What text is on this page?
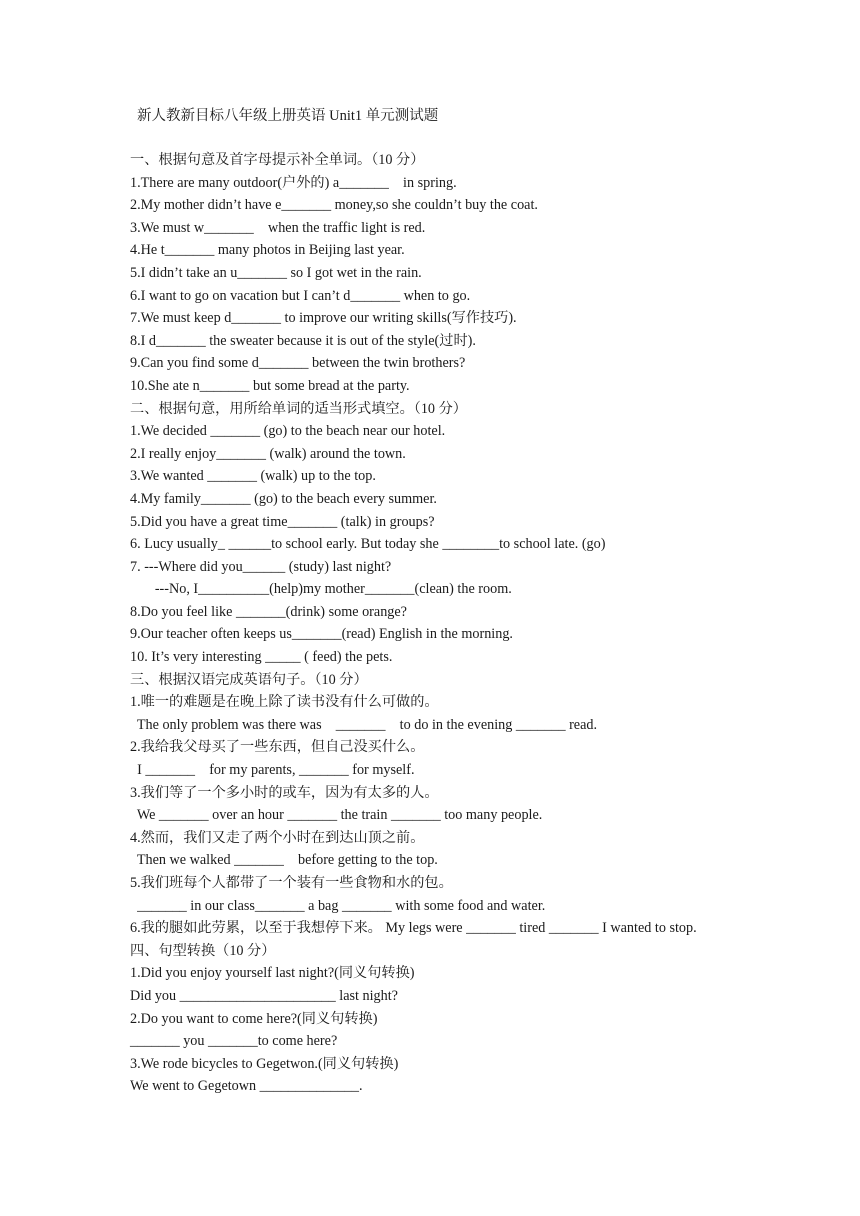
新人教新目标八年级上册英语 Unit1 单元测试题
一、根据句意及首字母提示补全单词。（10 分）
1.There are many outdoor(户外的) a_______    in spring.
2.My mother didn’t have e_______ money,so she couldn’t buy the coat.
3.We must w_______    when the traffic light is red.
4.He t_______ many photos in Beijing last year.
5.I didn’t take an u_______ so I got wet in the rain.
6.I want to go on vacation but I can’t d_______ when to go.
7.We must keep d_______ to improve our writing skills(写作技巧).
8.I d_______ the sweater because it is out of the style(过时).
9.Can you find some d_______ between the twin brothers?
10.She ate n_______ but some bread at the party.
二、根据句意，用所给单词的适当形式填空。（10 分）
1.We decided _______ (go) to the beach near our hotel.
2.I really enjoy_______ (walk) around the town.
3.We wanted _______ (walk) up to the top.
4.My family_______ (go) to the beach every summer.
5.Did you have a great time_______ (talk) in groups?
6. Lucy usually_ ______to school early. But today she ________to school late. (go)
7. ---Where did you______ (study) last night?
---No, I__________(help)my mother_______(clean) the room.
8.Do you feel like _______(drink) some orange?
9.Our teacher often keeps us_______(read) English in the morning.
10. It’s very interesting _____ ( feed) the pets.
三、根据汉语完成英语句子。（10 分）
1.唯一的难题是在晚上除了读书没有什么可做的。
The only problem was there was    _______    to do in the evening _______ read.
2.我给我父母买了一些东西，但自己没买什么。
I _______    for my parents, _______ for myself.
3.我们等了一个多小时的或车，因为有太多的人。
We _______ over an hour _______ the train _______ too many people.
4.然而，我们又走了两个小时在到达山顶之前。
Then we walked _______    before getting to the top.
5.我们班每个人都带了一个装有一些食物和水的包。
_______ in our class_______ a bag _______ with some food and water.
6.我的腿如此劳累，以至于我想停下来。 My legs were _______ tired _______ I wanted to stop.
四、句型转换（10 分）
1.Did you enjoy yourself last night?(同义句转换)
Did you ______________________ last night?
2.Do you want to come here?(同义句转换)
_______ you _______to come here?
3.We rode bicycles to Gegetwon.(同义句转换)
We went to Gegetown ______________.
